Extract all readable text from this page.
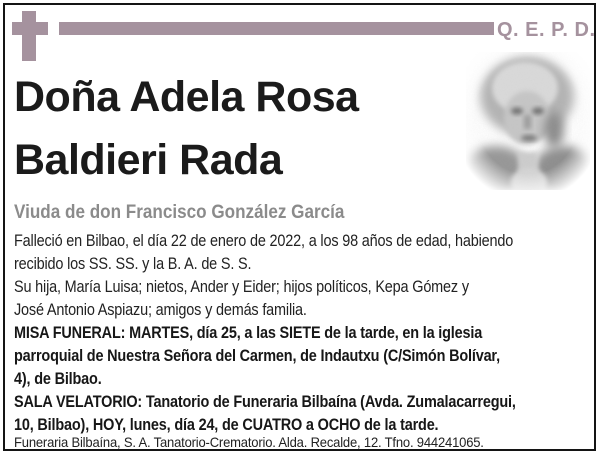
Q. E. P. D.
Doña Adela Rosa
Baldieri Rada
Viuda de don Francisco González García
Falleció en Bilbao, el día 22 de enero de 2022, a los 98 años de edad, habiendo
recibido los SS. SS. y la B. A. de S. S.
Su hija, María Luisa; nietos, Ander y Eider; hijos políticos, Kepa Gómez y
José Antonio Aspiazu; amigos y demás familia.
MISA FUNERAL: MARTES, día 25, a las SIETE de la tarde, en la iglesia
parroquial de Nuestra Señora del Carmen, de Indautxu (C/Simón Bolívar,
4), de Bilbao.
SALA VELATORIO: Tanatorio de Funeraria Bilbaína (Avda. Zumalacarregui,
10, Bilbao), HOY, lunes, día 24, de CUATRO a OCHO de la tarde.
Funeraria Bilbaína, S. A. Tanatorio-Crematorio. Alda. Recalde, 12. Tfno. 944241065.
